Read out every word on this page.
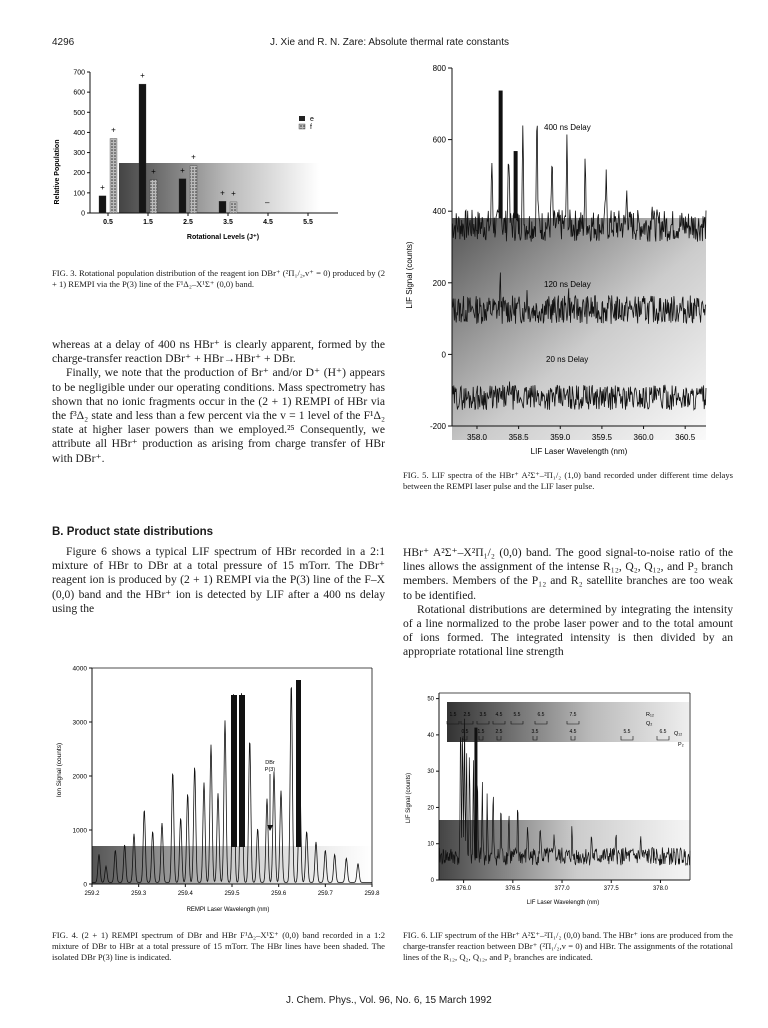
4296	J. Xie and R. N. Zare: Absolute thermal rate constants
0
100
200
300
400
500
600
700
0.5	1.5	2.5	3.5	4.5	5.5
+
+
+
+
+
+
+
+
–
e
f
Rotational Levels (J⁺)
Relative Population
FIG. 3. Rotational population distribution of the reagent ion DBr⁺ (²Π₁/₂,v⁺ = 0) produced by (2 + 1) REMPI via the P(3) line of the F¹Δ₂–X¹Σ⁺ (0,0) band.

whereas at a delay of 400 ns HBr⁺ is clearly apparent, formed by the charge-transfer reaction DBr⁺ + HBr→HBr⁺ + DBr.

Finally, we note that the production of Br⁺ and/or D⁺ (H⁺) appears to be negligible under our operating conditions. Mass spectrometry has shown that no ionic fragments occur in the (2 + 1) REMPI of HBr via the f³Δ₂ state and less than a few percent via the v = 1 level of the F¹Δ₂ state at higher laser powers than we employed.²⁵ Consequently, we attribute all HBr⁺ production as arising from charge transfer of HBr with DBr⁺.

B. Product state distributions

Figure 6 shows a typical LIF spectrum of HBr recorded in a 2:1 mixture of HBr to DBr at a total pressure of 15 mTorr. The DBr⁺ reagent ion is produced by (2 + 1) REMPI via the P(3) line of the F–X (0,0) band and the HBr⁺ ion is detected by LIF after a 400 ns delay using the

0
1000
2000
3000
4000
259.2	259.3	259.4	259.5	259.6	259.7	259.8
DBr
P(3)
REMPI Laser Wavelength (nm)
Ion Signal (counts)
FIG. 4. (2 + 1) REMPI spectrum of DBr and HBr F¹Δ₂–X¹Σ⁺ (0,0) band recorded in a 1:2 mixture of DBr to HBr at a total pressure of 15 mTorr. The HBr lines have been shaded. The isolated DBr P(3) line is indicated.
-200
0
200
400
600
800
358.0	358.5	359.0	359.5	360.0	360.5
400 ns Delay
120 ns Delay
20 ns Delay
LIF Laser Wavelength (nm)
LIF Signal (counts)
FIG. 5. LIF spectra of the HBr⁺ A²Σ⁺–²Π₁/₂ (1,0) band recorded under different time delays between the REMPI laser pulse and the LIF laser pulse.

HBr⁺ A²Σ⁺–X²Π₁/₂ (0,0) band. The good signal-to-noise ratio of the lines allows the assignment of the intense R₁₂, Q₂, Q₁₂, and P₂ branch members. Members of the P₁₂ and R₂ satellite branches are too weak to be identified.

Rotational distributions are determined by integrating the intensity of a line normalized to the probe laser power and to the total amount of ions formed. The integrated intensity is then divided by an appropriate rotational line strength

0
10
20
30
40
50
376.0	376.5	377.0	377.5	378.0
1.5 2.5 3.5 4.5 5.5	6.5	7.5
0.5 1.5 2.5	3.5	4.5	5.5	6.5
R₁₂
Q₂
Q₁₂
P₂
LIF Laser Wavelength (nm)
LIF Signal (counts)
FIG. 6. LIF spectrum of the HBr⁺ A²Σ⁺–²Π₁/₂ (0,0) band. The HBr⁺ ions are produced from the charge-transfer reaction between DBr⁺ (²Π₁/₂,v = 0) and HBr. The assignments of the rotational lines of the R₁₂, Q₂, Q₁₂, and P₂ branches are indicated.
J. Chem. Phys., Vol. 96, No. 6, 15 March 1992
